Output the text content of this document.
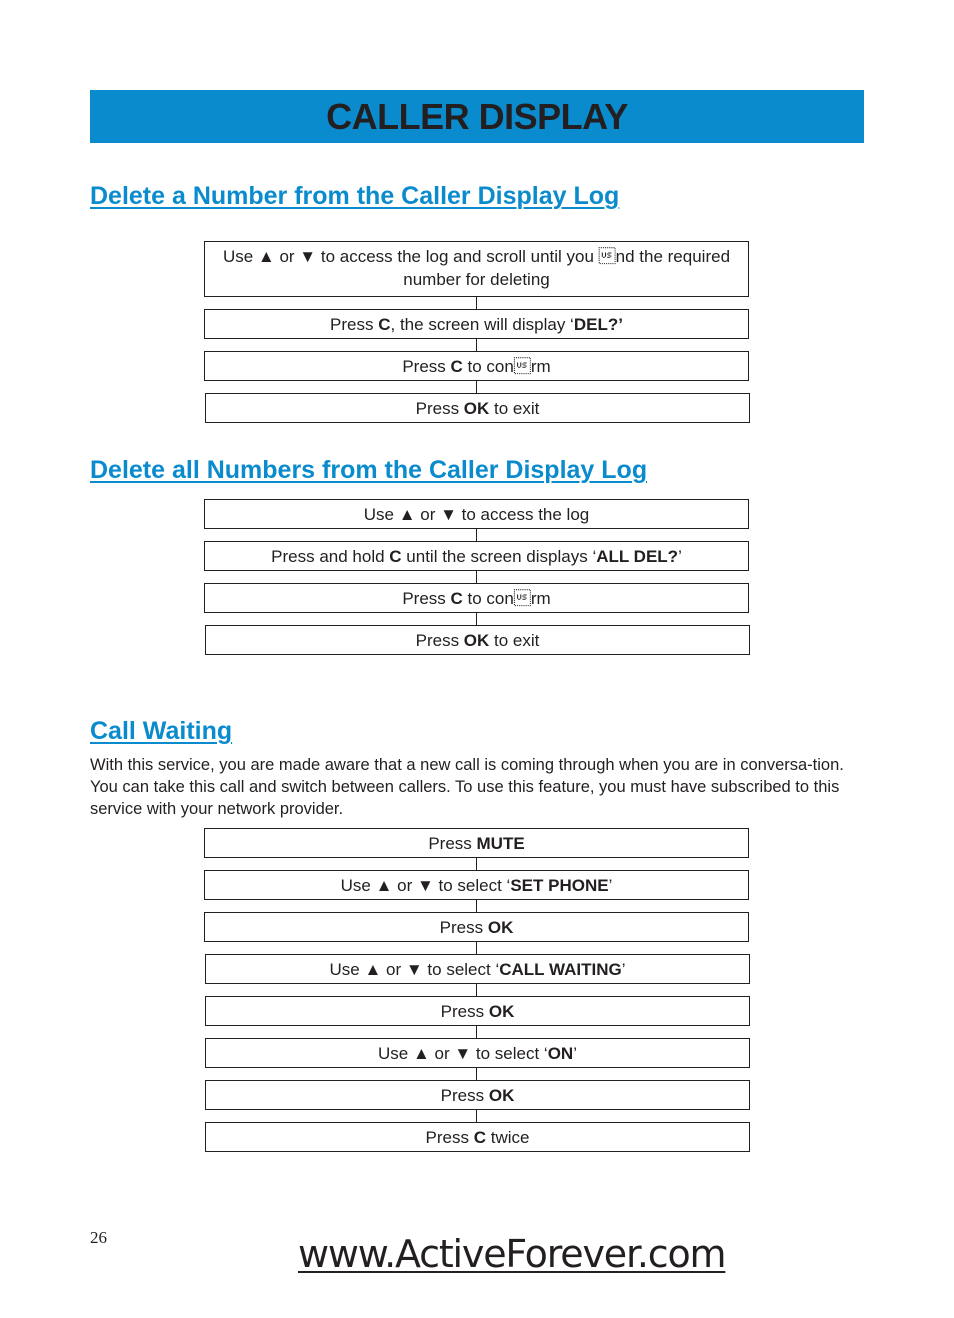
CALLER DISPLAY
Delete a Number from the Caller Display Log
Use ▲ or ▼ to access the log and scroll until you nd the required number for deleting
Press C, the screen will display ‘DEL?’
Press C to conrm
Press OK to exit
Delete all Numbers from the Caller Display Log
Use ▲ or ▼ to access the log
Press and hold C until the screen displays ‘ALL DEL?’
Press C to conrm
Press OK to exit
Call Waiting

With this service, you are made aware that a new call is coming through when you are in conversa-tion. You can take this call and switch between callers. To use this feature, you must have subscribed to this service with your network provider.

Press MUTE
Use ▲ or ▼ to select ‘SET PHONE’
Press OK
Use ▲ or ▼ to select ‘CALL WAITING’
Press OK
Use ▲ or ▼ to select ‘ON’
Press OK
Press C twice
26	www.ActiveForever.com
